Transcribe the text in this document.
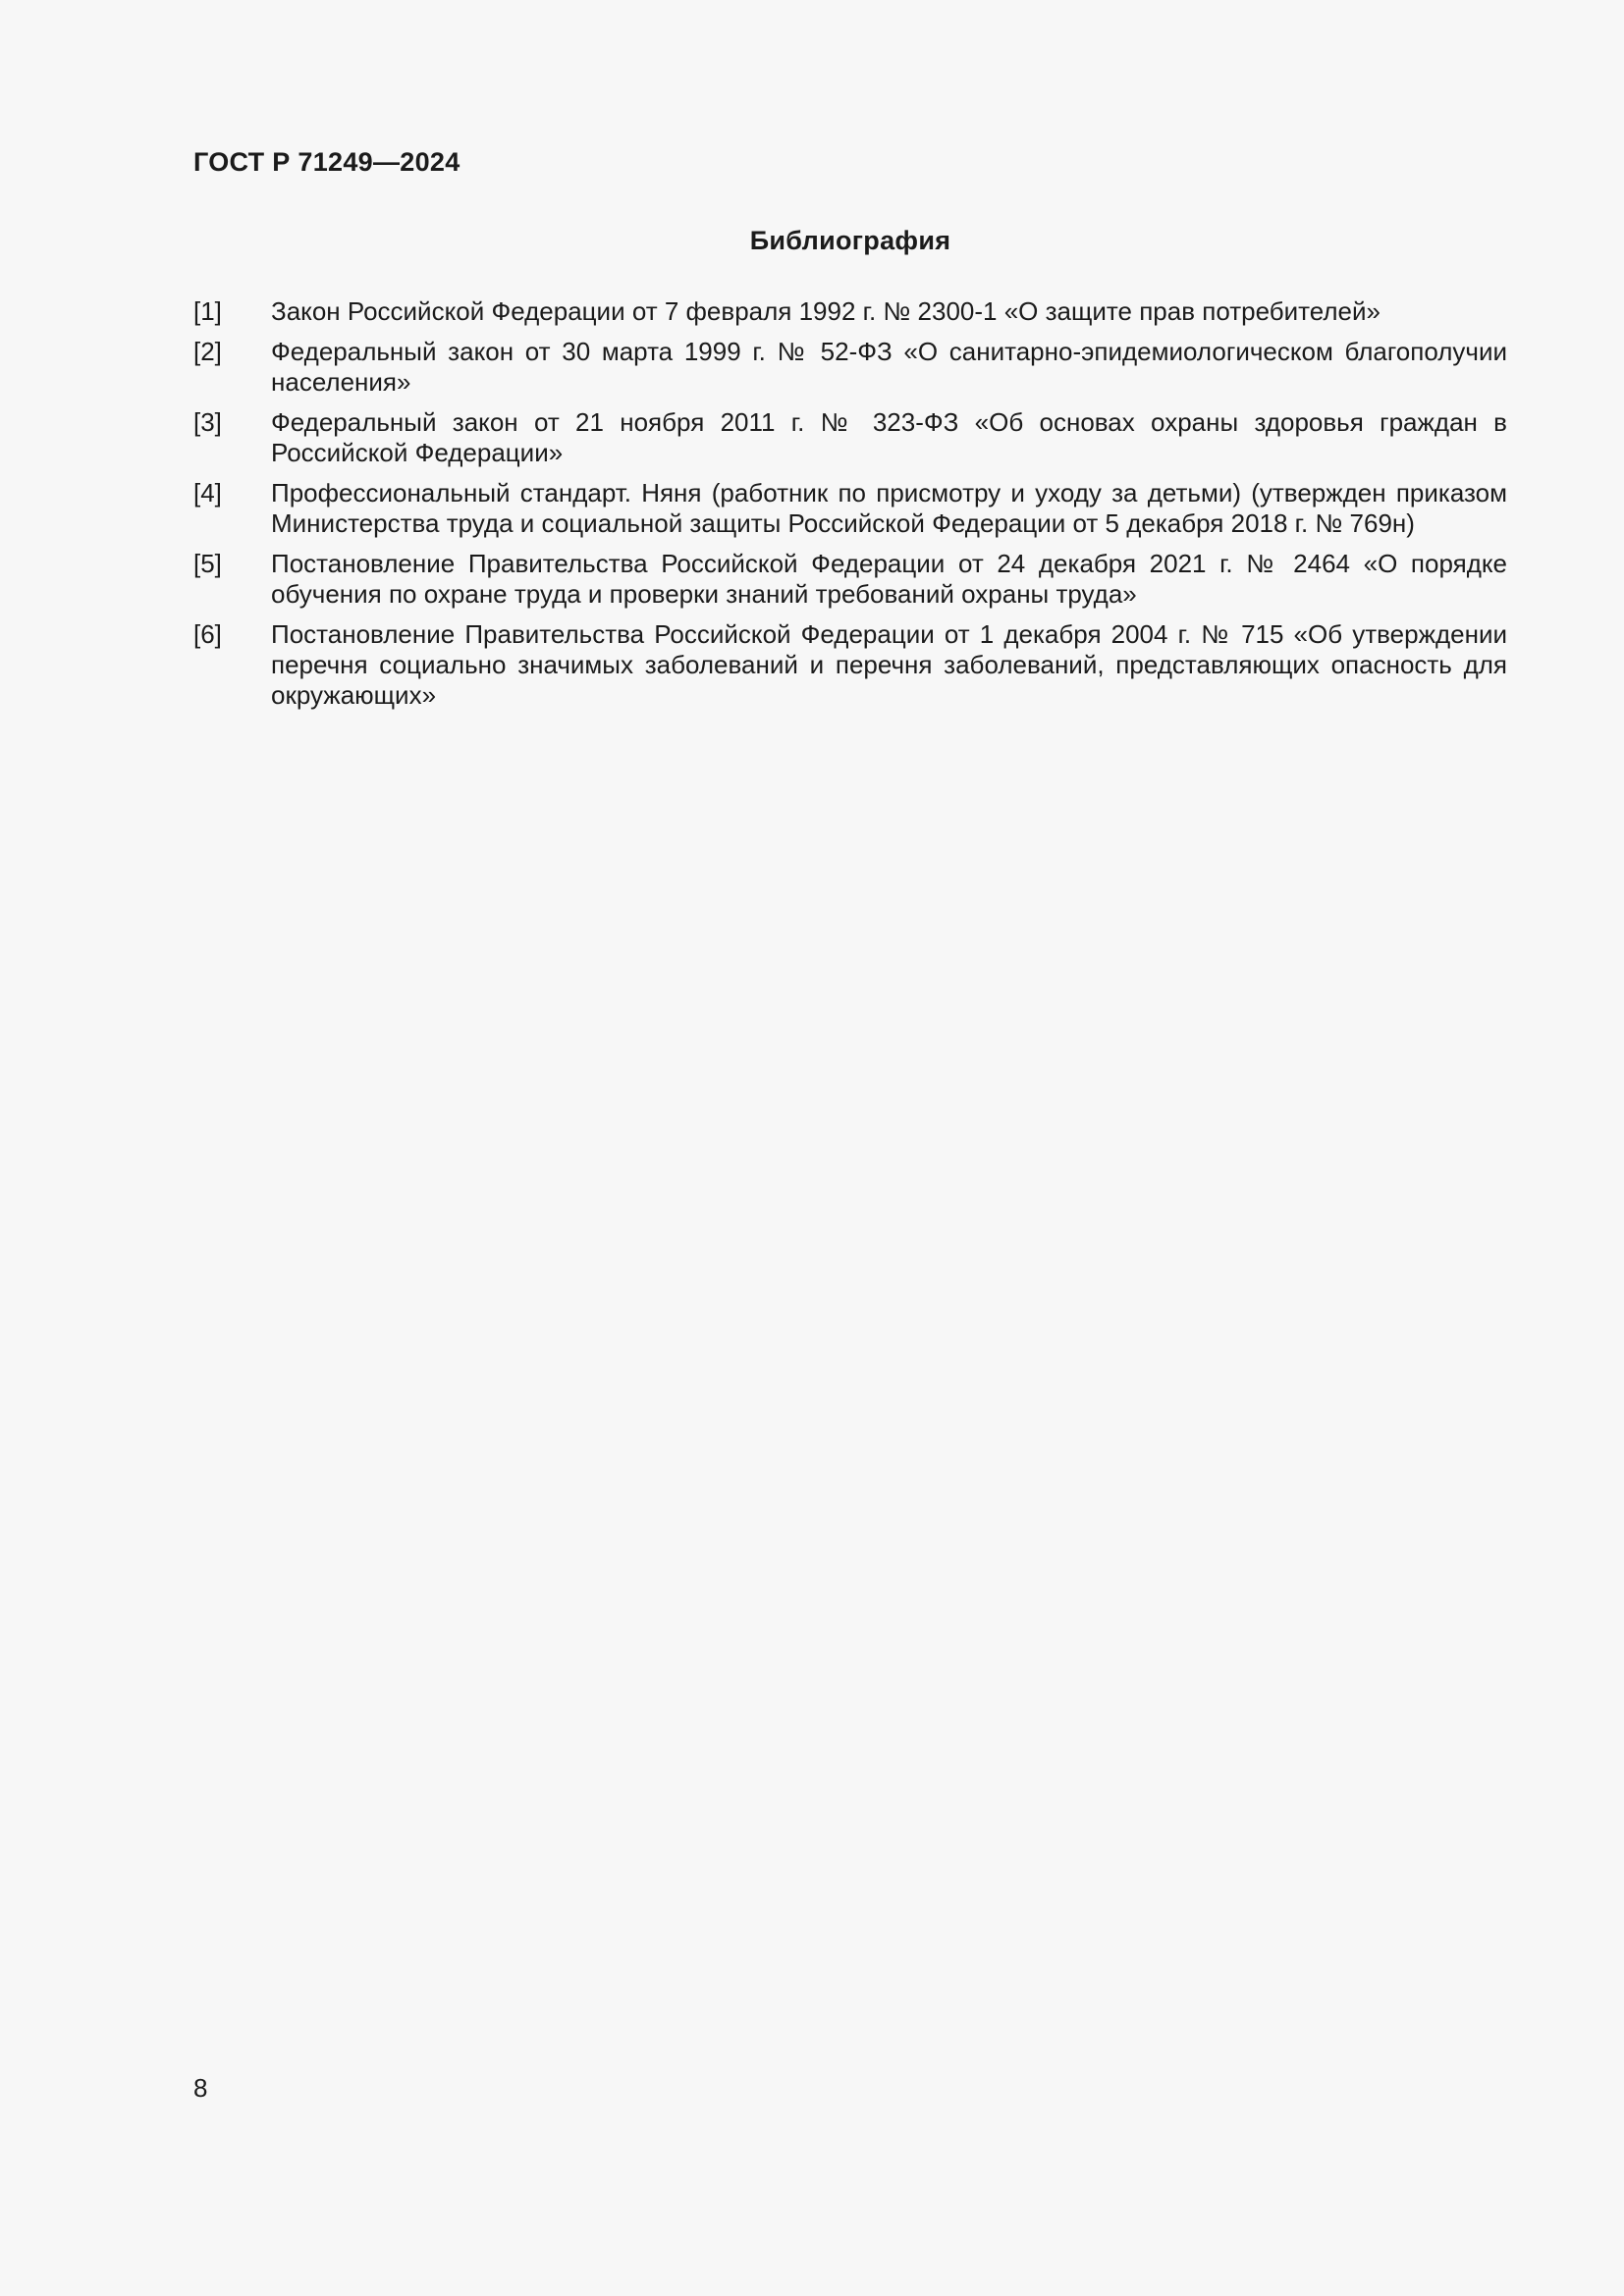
ГОСТ Р 71249—2024
Библиография
[1]	Закон Российской Федерации от 7 февраля 1992 г. № 2300-1 «О защите прав потребителей»
[2]	Федеральный закон от 30 марта 1999 г. № 52-ФЗ «О санитарно-эпидемиологическом благополучии населения»
[3]	Федеральный закон от 21 ноября 2011 г. № 323-ФЗ «Об основах охраны здоровья граждан в Российской Федерации»
[4]	Профессиональный стандарт. Няня (работник по присмотру и уходу за детьми) (утвержден приказом Министерства труда и социальной защиты Российской Федерации от 5 декабря 2018 г. № 769н)
[5]	Постановление Правительства Российской Федерации от 24 декабря 2021 г. № 2464 «О порядке обучения по охране труда и проверки знаний требований охраны труда»
[6]	Постановление Правительства Российской Федерации от 1 декабря 2004 г. № 715 «Об утверждении перечня социально значимых заболеваний и перечня заболеваний, представляющих опасность для окружающих»
8
